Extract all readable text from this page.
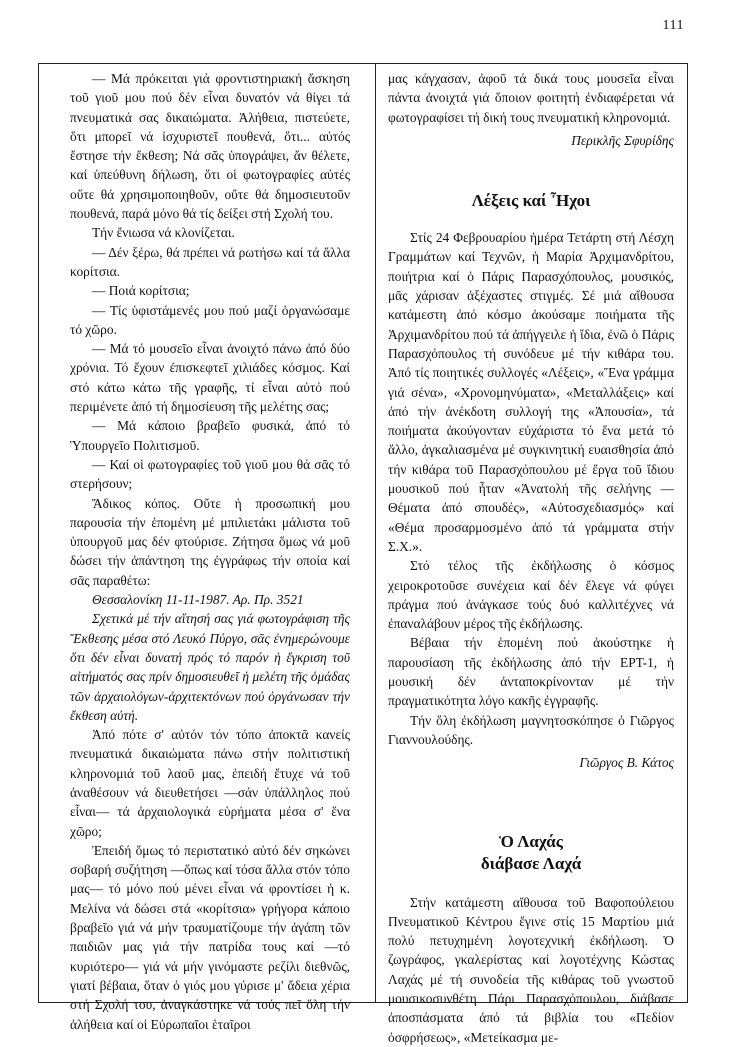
111

— Μά πρόκειται γιά φροντιστηριακή ἄσκηση τοῦ γιοῦ μου πού δέν εἶναι δυνατόν νά θίγει τά πνευματικά σας δικαιώματα. Ἀλήθεια, πιστεύετε, ὅτι μπορεῖ νά ἰσχυριστεῖ πουθενά, ὅτι... αὐτός ἔστησε τήν ἔκθεση; Νά σᾶς ὑπογράψει, ἄν θέλετε, καί ὑπεύθυνη δήλωση, ὅτι οἱ φωτογραφίες αὐτές οὔτε θά χρησιμοποιηθοῦν, οὔτε θά δημοσιευτοῦν πουθενά, παρά μόνο θά τίς δείξει στή Σχολή του.

Τήν ἔνιωσα νά κλονίζεται.

— Δέν ξέρω, θά πρέπει νά ρωτήσω καί τά ἄλλα κορίτσια.

— Ποιά κορίτσια;

— Τίς ὑφιστάμενές μου πού μαζί ὀργανώσαμε τό χῶρο.

— Μά τό μουσεῖο εἶναι ἀνοιχτό πάνω ἀπό δύο χρόνια. Τό ἔχουν ἐπισκεφτεῖ χιλιάδες κόσμος. Καί στό κάτω κάτω τῆς γραφῆς, τί εἶναι αὐτό πού περιμένετε ἀπό τή δημοσίευση τῆς μελέτης σας;

— Μά κάποιο βραβεῖο φυσικά, ἀπό τό Ὑπουργεῖο Πολιτισμοῦ.

— Καί οἱ φωτογραφίες τοῦ γιοῦ μου θά σᾶς τό στερήσουν;

Ἄδικος κόπος. Οὔτε ἡ προσωπική μου παρουσία τήν ἑπομένη μέ μπιλιετάκι μάλιστα τοῦ ὑπουργοῦ μας δέν φτούρισε. Ζήτησα ὅμως νά μοῦ δώσει τήν ἀπάντηση της ἐγγράφως τήν οποία καί σᾶς παραθέτω:

Θεσσαλονίκη 11-11-1987. Αρ. Πρ. 3521

Σχετικά μέ τήν αἴτησή σας γιά φωτογράφιση τῆς Ἔκθεσης μέσα στό Λευκό Πύργο, σᾶς ἐνημερώνουμε ὅτι δέν εἶναι δυνατή πρός τό παρόν ἡ ἔγκριση τοῦ αἰτήματός σας πρίν δημοσιευθεῖ ἡ μελέτη τῆς ὁμάδας τῶν ἀρχαιολόγων-ἀρχιτεκτόνων πού ὀργάνωσαν τήν ἔκθεση αὐτή.

Ἀπό πότε σ' αὐτόν τόν τόπο ἀποκτᾶ κανείς πνευματικά δικαιώματα πάνω στήν πολιτιστική κληρονομιά τοῦ λαοῦ μας, ἐπειδή ἔτυχε νά τοῦ ἀναθέσουν νά διευθετήσει —σάν ὑπάλληλος πού εἶναι— τά ἀρχαιολογικά εὑρήματα μέσα σ' ἕνα χῶρο;

Ἐπειδή ὅμως τό περιστατικό αὐτό δέν σηκώνει σοβαρή συζήτηση —ὅπως καί τόσα ἄλλα στόν τόπο μας— τό μόνο πού μένει εἶναι νά φροντίσει ἡ κ. Μελίνα νά δώσει στά «κορίτσια» γρήγορα κάποιο βραβεῖο γιά νά μήν τραυματίζουμε τήν ἀγάπη τῶν παιδιῶν μας γιά τήν πατρίδα τους καί —τό κυριότερο— γιά νά μήν γινόμαστε ρεζίλι διεθνῶς, γιατί βέβαια, ὅταν ὁ γιός μου γύρισε μ' ἄδεια χέρια στή Σχολή του, ἀναγκάστηκε νά τούς πεῖ ὅλη τήν ἀλήθεια καί οἱ Εὐρωπαῖοι ἑταῖροι

μας κάγχασαν, ἀφοῦ τά δικά τους μουσεῖα εἶναι πάντα ἀνοιχτά γιά ὅποιον φοιτητή ἐνδιαφέρεται νά φωτογραφίσει τή δική τους πνευματική κληρονομιά.

Περικλῆς Σφυρίδης

Λέξεις καί Ἦχοι

Στίς 24 Φεβρουαρίου ἡμέρα Τετάρτη στή Λέσχη Γραμμάτων καί Τεχνῶν, ἡ Μαρία Ἀρχιμανδρίτου, ποιήτρια καί ὁ Πάρις Παρασχόπουλος, μουσικός, μᾶς χάρισαν ἀξέχαστες στιγμές. Σέ μιά αἴθουσα κατάμεστη ἀπό κόσμο ἀκούσαμε ποιήματα τῆς Ἀρχιμανδρίτου πού τά ἀπήγγειλε ἡ ἴδια, ἐνῶ ὁ Πάρις Παρασχόπουλος τή συνόδευε μέ τήν κιθάρα του. Ἀπό τίς ποιητικές συλλογές «Λέξεις», «Ἕνα γράμμα γιά σένα», «Χρονομηνύματα», «Μεταλλάξεις» καί ἀπό τήν ἀνέκδοτη συλλογή της «Ἀπουσία», τά ποιήματα ἀκούγονταν εὐχάριστα τό ἕνα μετά τό ἄλλο, ἀγκαλιασμένα μέ συγκινητική ευαισθησία ἀπό τήν κιθάρα τοῦ Παρασχόπουλου μέ ἔργα τοῦ ἴδιου μουσικοῦ πού ἦταν «Ἀνατολή τῆς σελήνης — Θέματα ἀπό σπουδές», «Αὐτοσχεδιασμός» καί «Θέμα προσαρμοσμένο ἀπό τά γράμματα στήν Σ.Χ.».

Στό τέλος τῆς ἐκδήλωσης ὁ κόσμος χειροκροτοῦσε συνέχεια καί δέν ἔλεγε νά φύγει πράγμα πού ἀνάγκασε τούς δυό καλλιτέχνες νά ἐπαναλάβουν μέρος τῆς ἐκδήλωσης.

Βέβαια τήν ἑπομένη πού ἀκούστηκε ἡ παρουσίαση τῆς ἐκδήλωσης ἀπό τήν ΕΡΤ-1, ἡ μουσική δέν ἀνταποκρίνονταν μέ τήν πραγματικότητα λόγο κακῆς ἐγγραφῆς.

Τήν ὅλη ἐκδήλωση μαγνητοσκόπησε ὁ Γιῶργος Γιαννουλούδης.

Γιῶργος Β. Κάτος

Ὁ Λαχάς
διάβασε Λαχά

Στήν κατάμεστη αἴθουσα τοῦ Βαφοπούλειου Πνευματικοῦ Κέντρου ἔγινε στίς 15 Μαρτίου μιά πολύ πετυχημένη λογοτεχνική ἐκδήλωση. Ὁ ζωγράφος, γκαλερίστας καί λογοτέχνης Κώστας Λαχάς μέ τή συνοδεία τῆς κιθάρας τοῦ γνωστοῦ μουσικοσυνθέτη Πάρι Παρασχόπουλου, διάβασε ἀποσπάσματα ἀπό τά βιβλία του «Πεδίον ὀσφρήσεως», «Μετείκασμα με-
